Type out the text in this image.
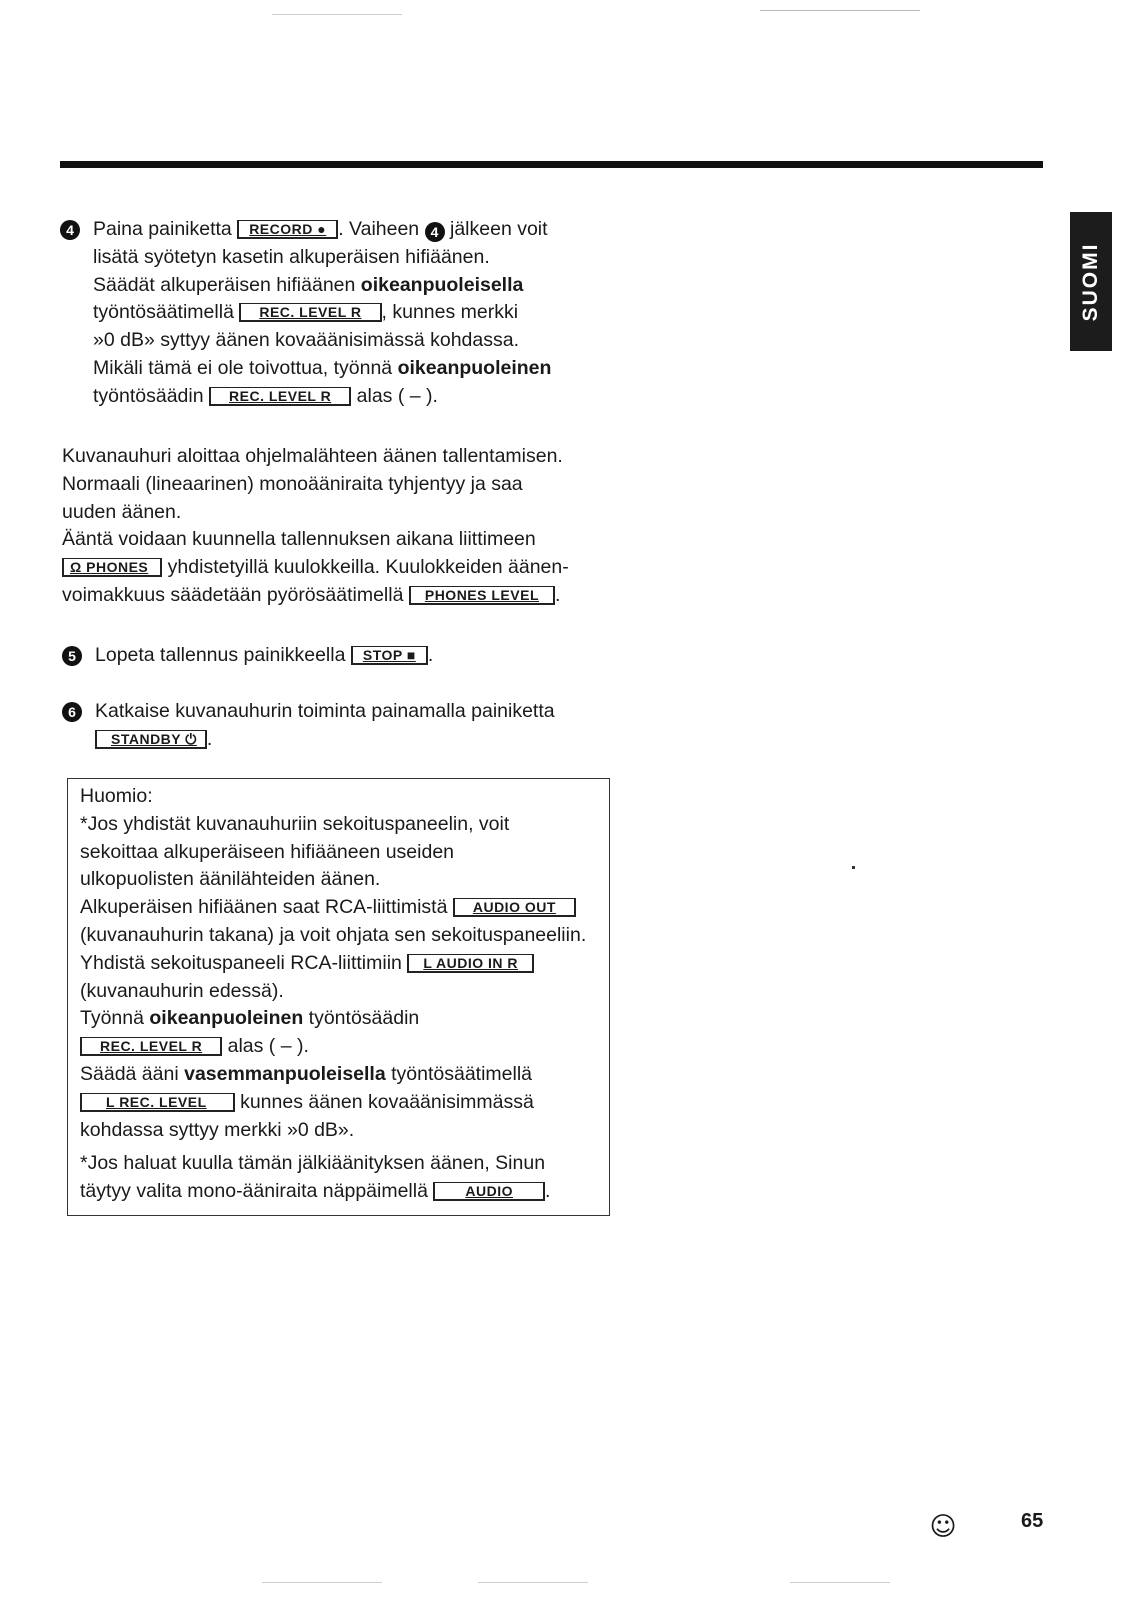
SUOMI
4 Paina painiketta RECORD ● . Vaiheen 4 jälkeen voit
lisätä syötetyn kasetin alkuperäisen hifiäänen.
Säädät alkuperäisen hifiäänen oikeanpuoleisella
työntösäätimellä REC. LEVEL R , kunnes merkki
»0 dB» syttyy äänen kovaäänisimässä kohdassa.
Mikäli tämä ei ole toivottua, työnnä oikeanpuoleinen
työntösäädin REC. LEVEL R alas ( – ).
Kuvanauhuri aloittaa ohjelmalähteen äänen tallentamisen.
Normaali (lineaarinen) monoääniraita tyhjentyy ja saa
uuden äänen.
Ääntä voidaan kuunnella tallennuksen aikana liittimeen
Ω PHONES yhdistetyillä kuulokkeilla. Kuulokkeiden äänen-
voimakkuus säädetään pyörösäätimellä PHONES LEVEL .
5 Lopeta tallennus painikkeella STOP ■ .
6 Katkaise kuvanauhurin toiminta painamalla painiketta
STANDBY ⏻ .
Huomio:
*Jos yhdistät kuvanauhuriin sekoituspaneelin, voit
sekoittaa alkuperäiseen hifiääneen useiden
ulkopuolisten äänilähteiden äänen.
Alkuperäisen hifiäänen saat RCA-liittimistä AUDIO OUT
(kuvanauhurin takana) ja voit ohjata sen sekoituspaneeliin.
Yhdistä sekoituspaneeli RCA-liittimiin L AUDIO IN R
(kuvanauhurin edessä).
Työnnä oikeanpuoleinen työntösäädin
REC. LEVEL R alas ( – ).
Säädä ääni vasemmanpuoleisella työntösäätimellä
L REC. LEVEL kunnes äänen kovaäänisimmässä
kohdassa syttyy merkki »0 dB».
*Jos haluat kuulla tämän jälkiäänityksen äänen, Sinun
täytyy valita mono-ääniraita näppäimellä AUDIO .
☺	65
